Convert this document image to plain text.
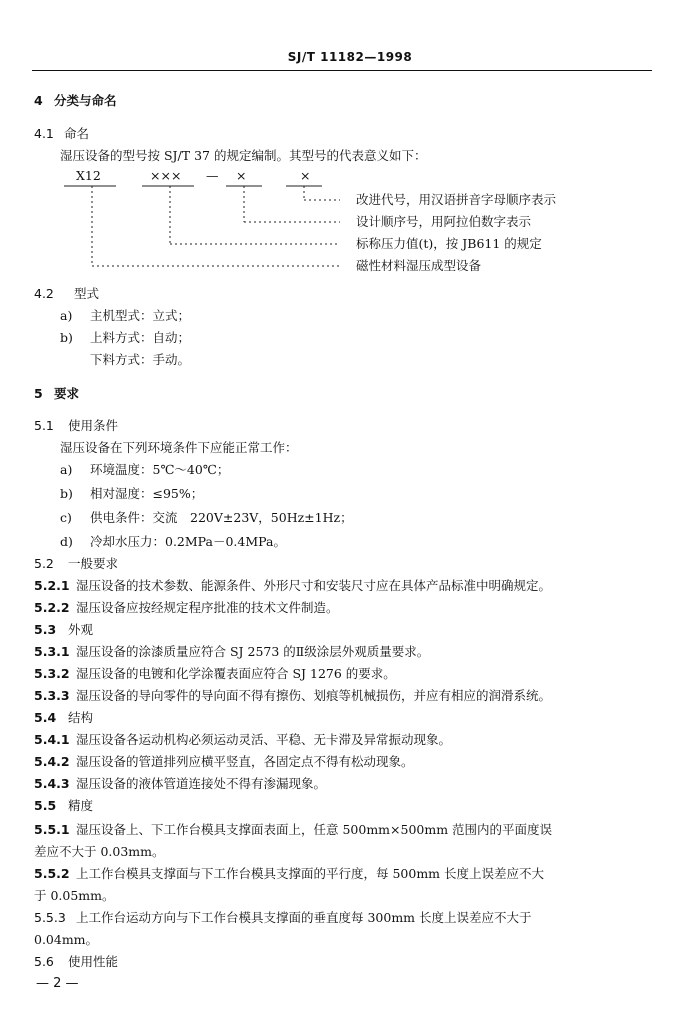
SJ/T 11182—1998
4 分类与命名
4.1 命名
湿压设备的型号按 SJ/T 37 的规定编制。其型号的代表意义如下：
X12	××× — ×	×
改进代号，用汉语拼音字母顺序表示
设计顺序号，用阿拉伯数字表示
标称压力值(t)，按 JB611 的规定
磁性材料湿压成型设备
4.2 型式
a) 主机型式：立式；
b) 上料方式：自动；
下料方式：手动。
5 要求
5.1 使用条件
湿压设备在下列环境条件下应能正常工作：
a) 环境温度：5℃～40℃；
b) 相对湿度：≤95%；
c) 供电条件：交流　220V±23V，50Hz±1Hz；
d) 冷却水压力：0.2MPa－0.4MPa。
5.2 一般要求
5.2.1 湿压设备的技术参数、能源条件、外形尺寸和安装尺寸应在具体产品标准中明确规定。
5.2.2 湿压设备应按经规定程序批准的技术文件制造。
5.3 外观
5.3.1 湿压设备的涂漆质量应符合 SJ 2573 的Ⅱ级涂层外观质量要求。
5.3.2 湿压设备的电镀和化学涂覆表面应符合 SJ 1276 的要求。
5.3.3 湿压设备的导向零件的导向面不得有擦伤、划痕等机械损伤，并应有相应的润滑系统。
5.4 结构
5.4.1 湿压设备各运动机构必须运动灵活、平稳、无卡滞及异常振动现象。
5.4.2 湿压设备的管道排列应横平竖直，各固定点不得有松动现象。
5.4.3 湿压设备的液体管道连接处不得有渗漏现象。
5.5 精度
5.5.1 湿压设备上、下工作台模具支撑面表面上，任意 500mm×500mm 范围内的平面度误
差应不大于 0.03mm。
5.5.2 上工作台模具支撑面与下工作台模具支撑面的平行度，每 500mm 长度上误差应不大
于 0.05mm。
5.5.3 上工作台运动方向与下工作台模具支撑面的垂直度每 300mm 长度上误差应不大于
0.04mm。
5.6 使用性能
— 2 —
